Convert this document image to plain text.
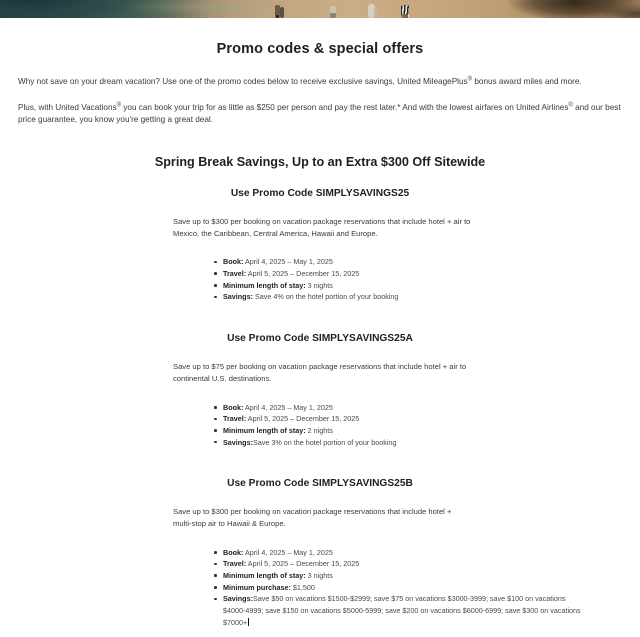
Promo codes & special offers

Why not save on your dream vacation? Use one of the promo codes below to receive exclusive savings, United MileagePlus® bonus award miles and more.

Plus, with United Vacations® you can book your trip for as little as $250 per person and pay the rest later.* And with the lowest airfares on United Airlines® and our best price guarantee, you know you're getting a great deal.

Spring Break Savings, Up to an Extra $300 Off Sitewide
Use Promo Code SIMPLYSAVINGS25

Save up to $300 per booking on vacation package reservations that include hotel + air to Mexico, the Caribbean, Central America, Hawaii and Europe.

Book: April 4, 2025 – May 1, 2025
Travel: April 5, 2025 – December 15, 2025
Minimum length of stay: 3 nights
Savings: Save 4% on the hotel portion of your booking
Use Promo Code SIMPLYSAVINGS25A

Save up to $75 per booking on vacation package reservations that include hotel + air to continental U.S. destinations.

Book: April 4, 2025 – May 1, 2025
Travel: April 5, 2025 – December 15, 2025
Minimum length of stay: 2 nights
Savings:Save 3% on the hotel portion of your booking
Use Promo Code SIMPLYSAVINGS25B

Save up to $300 per booking on vacation package reservations that include hotel + multi-stop air to Hawaii & Europe.

Book: April 4, 2025 – May 1, 2025
Travel: April 5, 2025 – December 15, 2025
Minimum length of stay: 3 nights
Minimum purchase: $1,500
Savings:Save $50 on vacations $1500-$2999; save $75 on vacations $3000-3999; save $100 on vacations $4000-4999; save $150 on vacations $5000-5999; save $200 on vacations $6000-6999; save $300 on vacations $7000+
